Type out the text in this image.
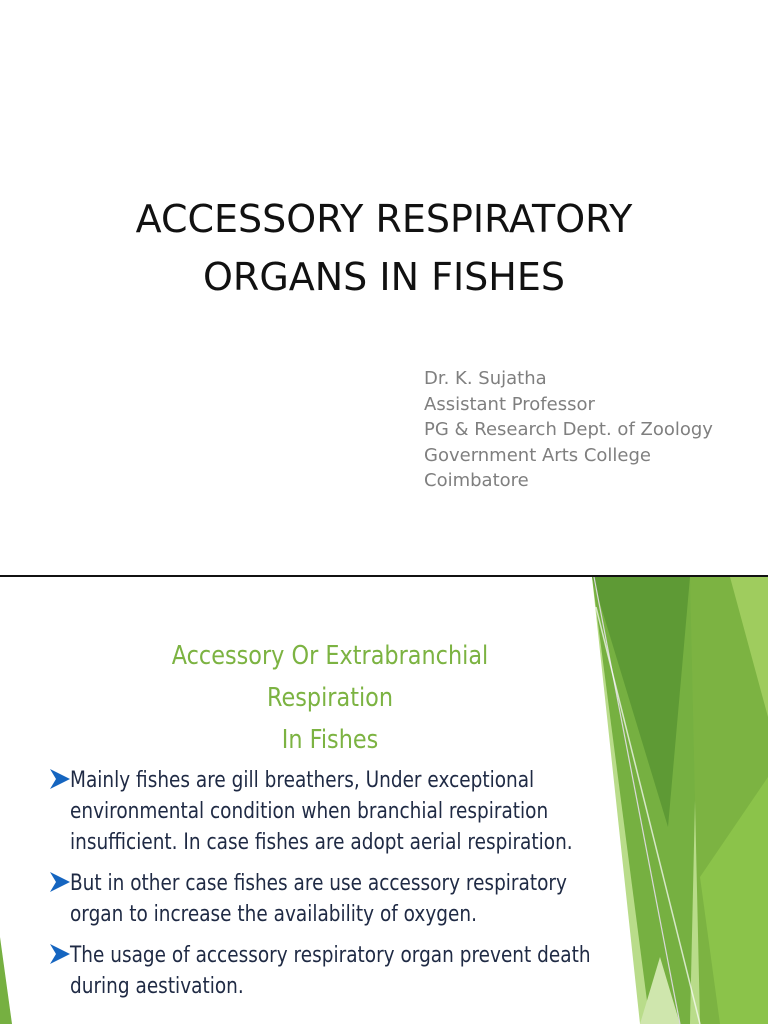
ACCESSORY RESPIRATORY
ORGANS IN FISHES
Dr. K. Sujatha
Assistant Professor
PG & Research Dept. of Zoology
Government Arts College
Coimbatore
Accessory Or Extrabranchial
Respiration
In Fishes
Mainly fishes are gill breathers, Under exceptional
environmental condition when branchial respiration
insufficient. In case fishes are adopt aerial respiration.
But in other case fishes are use accessory respiratory
organ to increase the availability of oxygen.
The usage of accessory respiratory organ prevent death
during aestivation.
